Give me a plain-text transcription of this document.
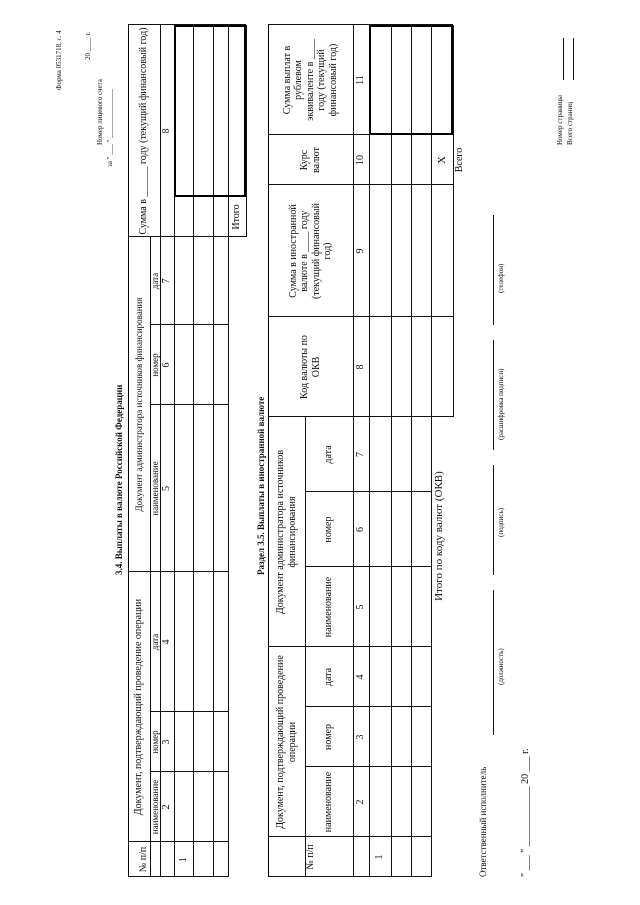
Форма 0531718, с. 4	20 ____ г.
Номер лицевого счета за " ___ " ______________
3.4. Выплаты в валюте Российской Федерации
№ п/п
Документ, подтверждающий проведение операции
Документ администратора источников финансирования
наименование
номер
дата
наименование
номер
дата
Сумма в ______ году (текущий финансовый год)
2
3
4
5
6
7
8
1
Итого
Раздел 3.5. Выплаты в иностранной валюте
№ п/п
Документ, подтверждающий проведение операции
Документ администратора источников финансирования
наименование
номер
дата
наименование
номер
дата
Код валюты по ОКВ
Сумма в иностранной валюте в ____ году (текущий финансовый год)
Курс валют
Сумма выплат в рублевом эквиваленте в ____ году (текущий финансовый год)
2
3
4
5
6
7
8
9
10
11
1
Итого по коду валют (ОКВ)
X Всего
Ответственный исполнитель
(должность)
(подпись)
(расшифровка подписи)
(телефон)
" ___ " ____________ 20 ___ г.
Номер страницы Всего страниц
